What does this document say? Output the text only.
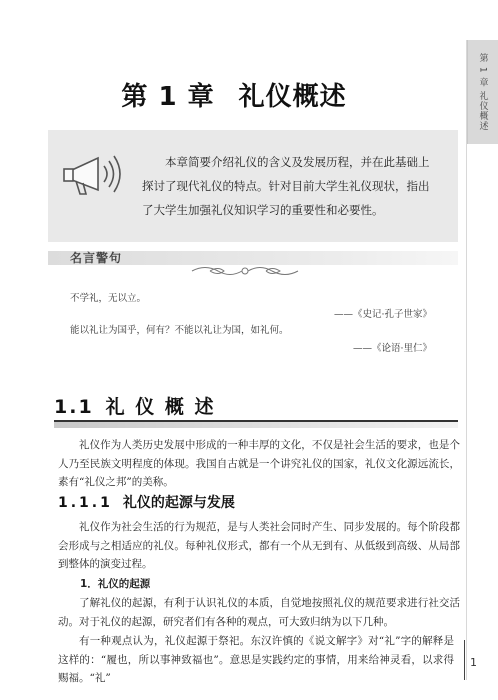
第 1 章 礼仪概述
第 1 章 礼仪概述
本章简要介绍礼仪的含义及发展历程，并在此基础上探讨了现代礼仪的特点。针对目前大学生礼仪现状，指出了大学生加强礼仪知识学习的重要性和必要性。
名言警句
不学礼，无以立。
——《史记·孔子世家》
能以礼让为国乎，何有？不能以礼让为国，如礼何。
——《论语·里仁》
1.1 礼 仪 概 述
礼仪作为人类历史发展中形成的一种丰厚的文化，不仅是社会生活的要求，也是个人乃至民族文明程度的体现。我国自古就是一个讲究礼仪的国家，礼仪文化源远流长，素有“礼仪之邦”的美称。
1.1.1 礼仪的起源与发展
礼仪作为社会生活的行为规范，是与人类社会同时产生、同步发展的。每个阶段都会形成与之相适应的礼仪。每种礼仪形式，都有一个从无到有、从低级到高级、从局部到整体的演变过程。
1．礼仪的起源
了解礼仪的起源，有利于认识礼仪的本质，自觉地按照礼仪的规范要求进行社交活动。对于礼仪的起源，研究者们有各种的观点，可大致归纳为以下几种。
有一种观点认为，礼仪起源于祭祀。东汉许慎的《说文解字》对“礼”字的解释是这样的：“履也，所以事神致福也”。意思是实践约定的事情，用来给神灵看，以求得赐福。“礼”
1
